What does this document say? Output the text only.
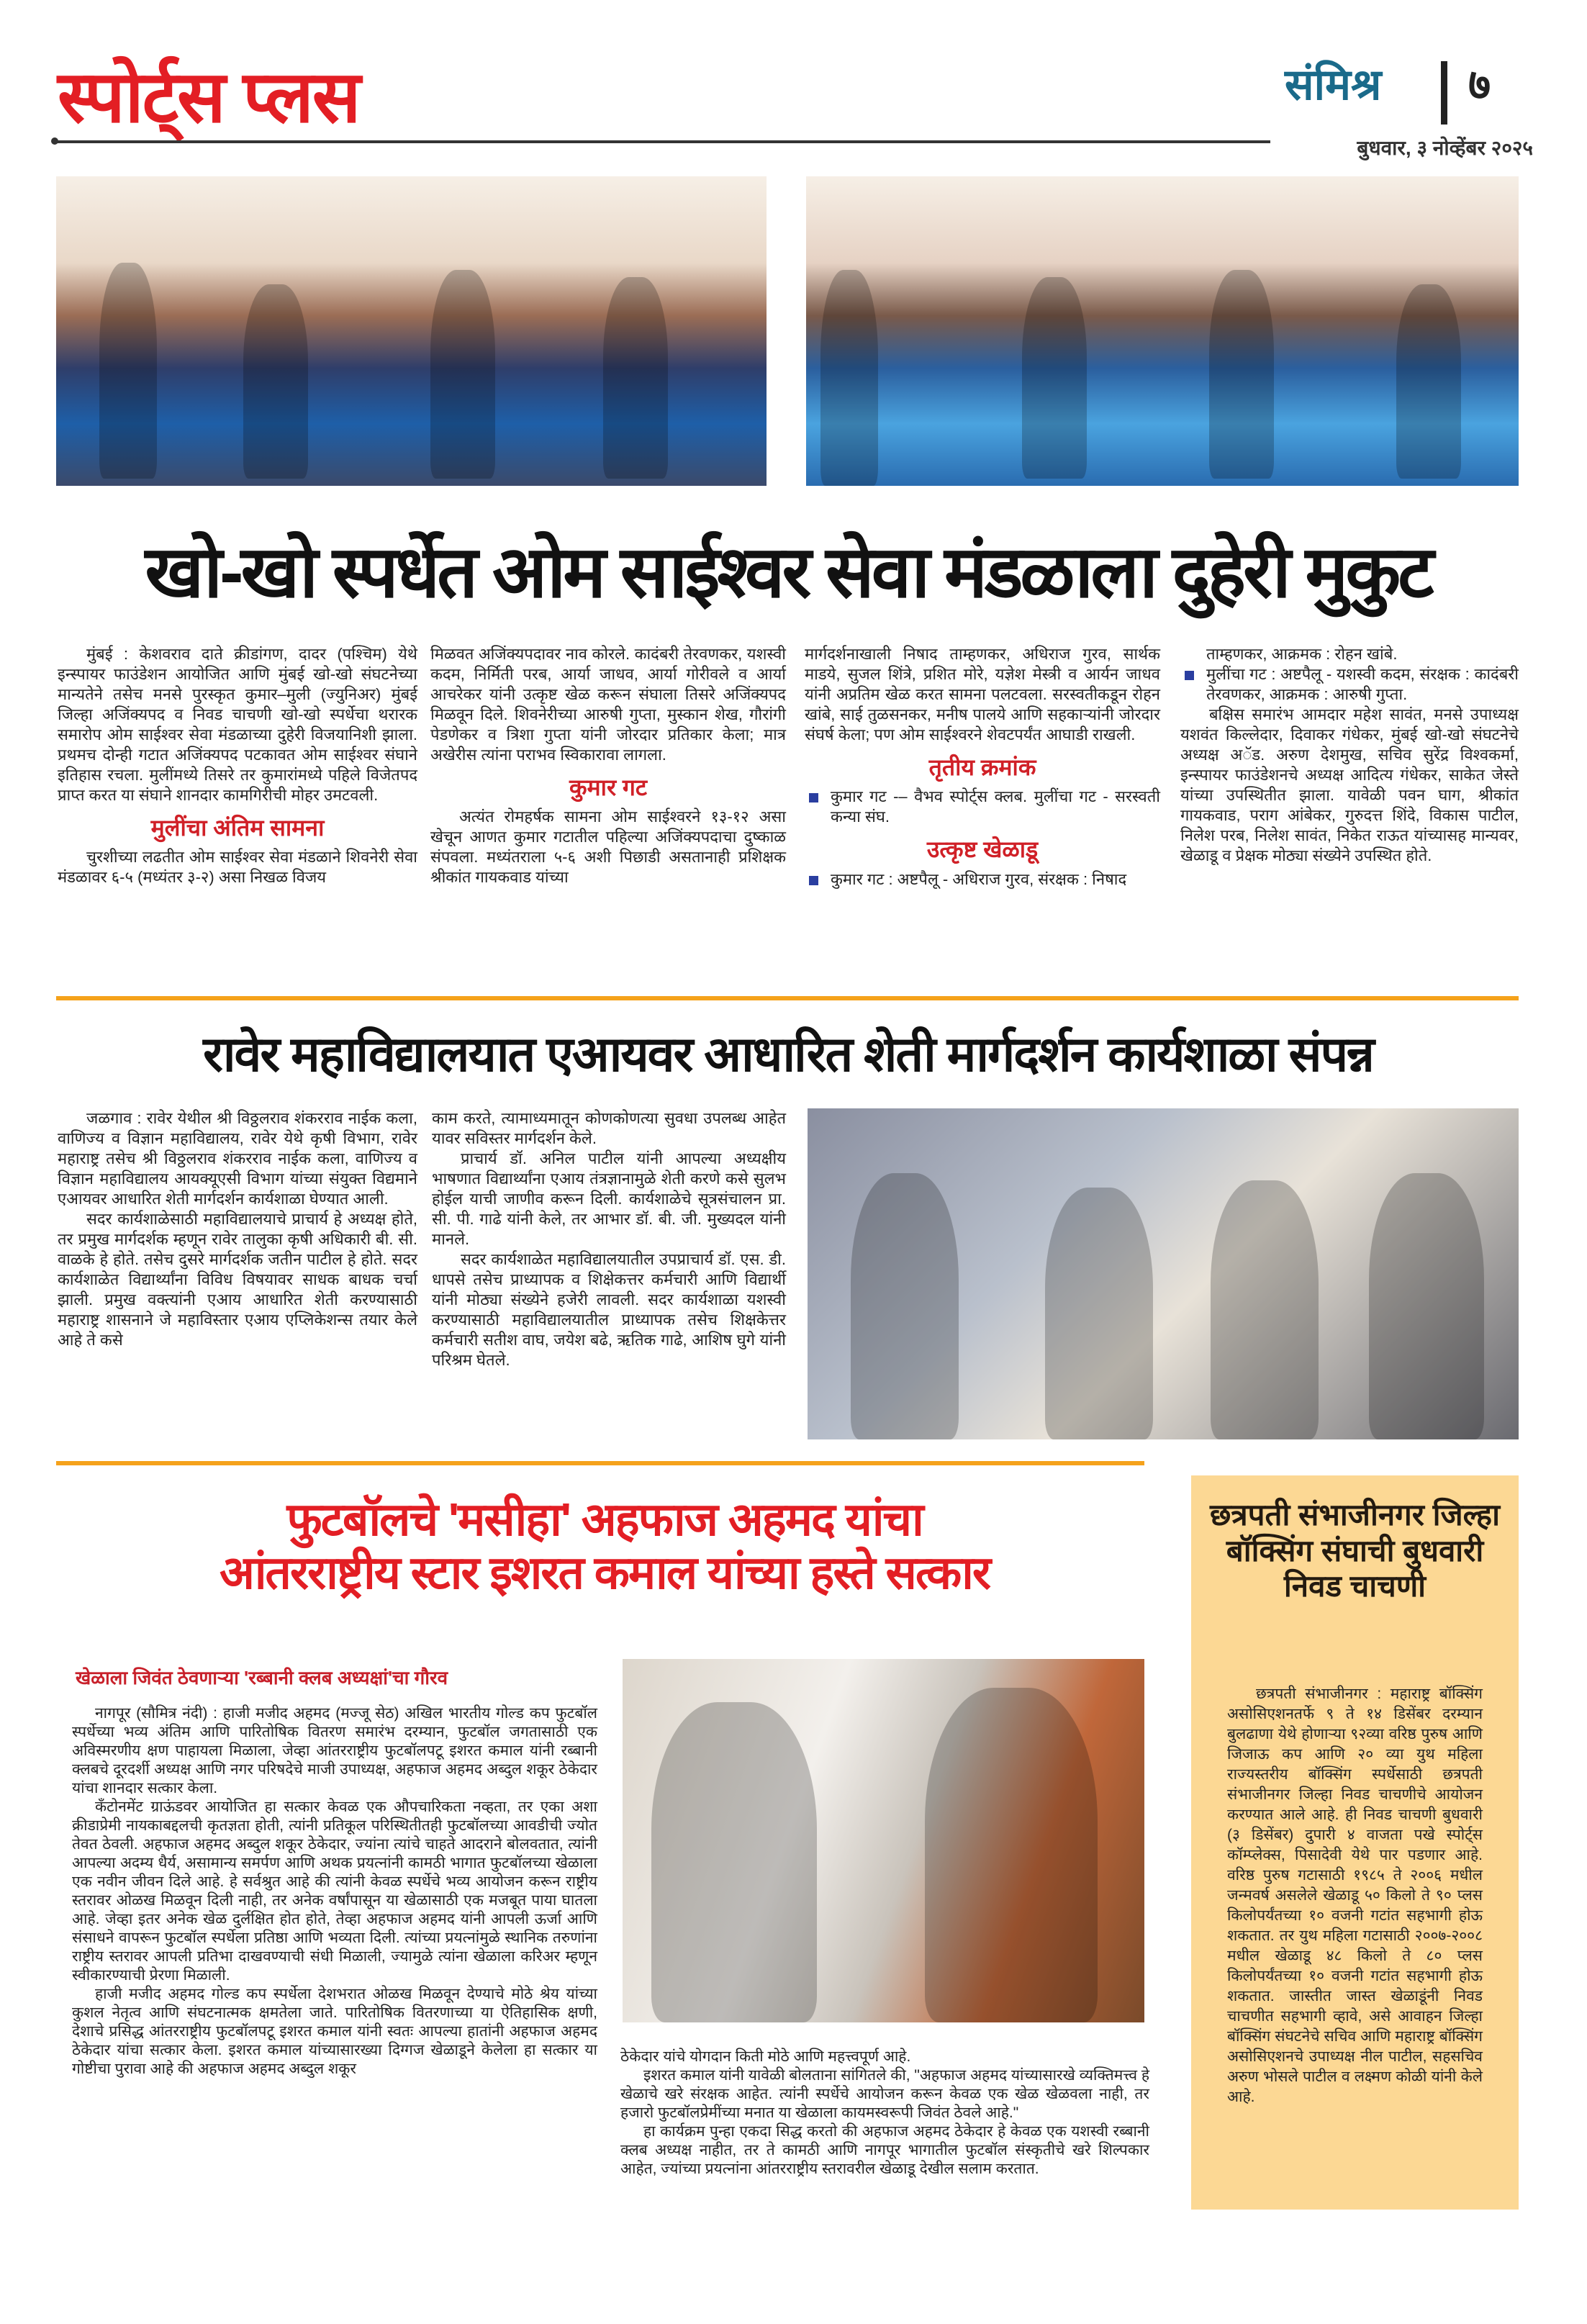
स्पोर्ट्स प्लस	संमिश्र ७
बुधवार, ३ नोव्हेंबर २०२५
खो-खो स्पर्धेत ओम साईश्वर सेवा मंडळाला दुहेरी मुकुट

मुंबई : केशवराव दाते क्रीडांगण, दादर (पश्चिम) येथे इन्स्पायर फाउंडेशन आयोजित आणि मुंबई खो-खो संघटनेच्या मान्यतेने तसेच मनसे पुरस्कृत कुमार–मुली (ज्युनिअर) मुंबई जिल्हा अजिंक्यपद व निवड चाचणी खो-खो स्पर्धेचा थरारक समारोप ओम साईश्वर सेवा मंडळाच्या दुहेरी विजयानिशी झाला. प्रथमच दोन्ही गटात अजिंक्यपद पटकावत ओम साईश्वर संघाने इतिहास रचला. मुलींमध्ये तिसरे तर कुमारांमध्ये पहिले विजेतपद प्राप्त करत या संघाने शानदार कामगिरीची मोहर उमटवली.

मुलींचा अंतिम सामना

चुरशीच्या लढतीत ओम साईश्वर सेवा मंडळाने शिवनेरी सेवा मंडळावर ६-५ (मध्यंतर ३-२) असा निखळ विजय

मिळवत अजिंक्यपदावर नाव कोरले. कादंबरी तेरवणकर, यशस्वी कदम, निर्मिती परब, आर्या जाधव, आर्या गोरीवले व आर्या आचरेकर यांनी उत्कृष्ट खेळ करून संघाला तिसरे अजिंक्यपद मिळवून दिले. शिवनेरीच्या आरुषी गुप्ता, मुस्कान शेख, गौरांगी पेडणेकर व त्रिशा गुप्ता यांनी जोरदार प्रतिकार केला; मात्र अखेरीस त्यांना पराभव स्विकारावा लागला.

कुमार गट

अत्यंत रोमहर्षक सामना ओम साईश्वरने १३-१२ असा खेचून आणत कुमार गटातील पहिल्या अजिंक्यपदाचा दुष्काळ संपवला. मध्यंतराला ५-६ अशी पिछाडी असतानाही प्रशिक्षक श्रीकांत गायकवाड यांच्या

मार्गदर्शनाखाली निषाद ताम्हणकर, अधिराज गुरव, सार्थक माडये, सुजल शिंत्रे, प्रशित मोरे, यज्ञेश मेस्त्री व आर्यन जाधव यांनी अप्रतिम खेळ करत सामना पलटवला. सरस्वतीकडून रोहन खांबे, साई तुळसनकर, मनीष पालये आणि सहकाऱ्यांनी जोरदार संघर्ष केला; पण ओम साईश्वरने शेवटपर्यंत आघाडी राखली.

तृतीय क्रमांक

कुमार गट -– वैभव स्पोर्ट्स क्लब. मुलींचा गट - सरस्वती कन्या संघ.

उत्कृष्ट खेळाडू

कुमार गट : अष्टपैलू - अधिराज गुरव, संरक्षक : निषाद

ताम्हणकर, आक्रमक : रोहन खांबे.

मुलींचा गट : अष्टपैलू - यशस्वी कदम, संरक्षक : कादंबरी तेरवणकर, आक्रमक : आरुषी गुप्ता.

बक्षिस समारंभ आमदार महेश सावंत, मनसे उपाध्यक्ष यशवंत किल्लेदार, दिवाकर गंधेकर, मुंबई खो-खो संघटनेचे अध्यक्ष अॅड. अरुण देशमुख, सचिव सुरेंद्र विश्वकर्मा, इन्स्पायर फाउंडेशनचे अध्यक्ष आदित्य गंधेकर, साकेत जेस्ते यांच्या उपस्थितीत झाला. यावेळी पवन घाग, श्रीकांत गायकवाड, पराग आंबेकर, गुरुदत्त शिंदे, विकास पाटील, निलेश परब, निलेश सावंत, निकेत राऊत यांच्यासह मान्यवर, खेळाडू व प्रेक्षक मोठ्या संख्येने उपस्थित होते.

रावेर महाविद्यालयात एआयवर आधारित शेती मार्गदर्शन कार्यशाळा संपन्न

जळगाव : रावेर येथील श्री विठ्ठलराव शंकरराव नाईक कला, वाणिज्य व विज्ञान महाविद्यालय, रावेर येथे कृषी विभाग, रावेर महाराष्ट्र तसेच श्री विठ्ठलराव शंकरराव नाईक कला, वाणिज्य व विज्ञान महाविद्यालय आयक्यूएसी विभाग यांच्या संयुक्त विद्यमाने एआयवर आधारित शेती मार्गदर्शन कार्यशाळा घेण्यात आली.

सदर कार्यशाळेसाठी महाविद्यालयाचे प्राचार्य हे अध्यक्ष होते, तर प्रमुख मार्गदर्शक म्हणून रावेर तालुका कृषी अधिकारी बी. सी. वाळके हे होते. तसेच दुसरे मार्गदर्शक जतीन पाटील हे होते. सदर कार्यशाळेत विद्यार्थ्यांना विविध विषयावर साधक बाधक चर्चा झाली. प्रमुख वक्त्यांनी एआय आधारित शेती करण्यासाठी महाराष्ट्र शासनाने जे महाविस्तार एआय एप्लिकेशन्स तयार केले आहे ते कसे

काम करते, त्यामाध्यमातून कोणकोणत्या सुवधा उपलब्ध आहेत यावर सविस्तर मार्गदर्शन केले.

प्राचार्य डॉ. अनिल पाटील यांनी आपल्या अध्यक्षीय भाषणात विद्यार्थ्यांना एआय तंत्रज्ञानामुळे शेती करणे कसे सुलभ होईल याची जाणीव करून दिली. कार्यशाळेचे सूत्रसंचालन प्रा. सी. पी. गाढे यांनी केले, तर आभार डॉ. बी. जी. मुख्यदल यांनी मानले.

सदर कार्यशाळेत महाविद्यालयातील उपप्राचार्य डॉ. एस. डी. धापसे तसेच प्राध्यापक व शिक्षेकत्तर कर्मचारी आणि विद्यार्थी यांनी मोठ्या संख्येने हजेरी लावली. सदर कार्यशाळा यशस्वी करण्यासाठी महाविद्यालयातील प्राध्यापक तसेच शिक्षकेत्तर कर्मचारी सतीश वाघ, जयेश बढे, ऋतिक गाढे, आशिष घुगे यांनी परिश्रम घेतले.

फुटबॉलचे 'मसीहा' अहफाज अहमद यांचा
आंतरराष्ट्रीय स्टार इशरत कमाल यांच्या हस्ते सत्कार
खेळाला जिवंत ठेवणाऱ्या 'रब्बानी क्लब अध्यक्षां'चा गौरव

नागपूर (सौमित्र नंदी) : हाजी मजीद अहमद (मज्जू सेठ) अखिल भारतीय गोल्ड कप फुटबॉल स्पर्धेच्या भव्य अंतिम आणि पारितोषिक वितरण समारंभ दरम्यान, फुटबॉल जगतासाठी एक अविस्मरणीय क्षण पाहायला मिळाला, जेव्हा आंतरराष्ट्रीय फुटबॉलपटू इशरत कमाल यांनी रब्बानी क्लबचे दूरदर्शी अध्यक्ष आणि नगर परिषदेचे माजी उपाध्यक्ष, अहफाज अहमद अब्दुल शकूर ठेकेदार यांचा शानदार सत्कार केला.

कॅंटोनमेंट ग्राऊंडवर आयोजित हा सत्कार केवळ एक औपचारिकता नव्हता, तर एका अशा क्रीडाप्रेमी नायकाबद्दलची कृतज्ञता होती, त्यांनी प्रतिकूल परिस्थितीतही फुटबॉलच्या आवडीची ज्योत तेवत ठेवली. अहफाज अहमद अब्दुल शकूर ठेकेदार, ज्यांना त्यांचे चाहते आदराने बोलवतात, त्यांनी आपल्या अदम्य धैर्य, असामान्य समर्पण आणि अथक प्रयत्नांनी कामठी भागात फुटबॉलच्या खेळाला एक नवीन जीवन दिले आहे. हे सर्वश्रुत आहे की त्यांनी केवळ स्पर्धेचे भव्य आयोजन करून राष्ट्रीय स्तरावर ओळख मिळवून दिली नाही, तर अनेक वर्षांपासून या खेळासाठी एक मजबूत पाया घातला आहे. जेव्हा इतर अनेक खेळ दुर्लक्षित होत होते, तेव्हा अहफाज अहमद यांनी आपली ऊर्जा आणि संसाधने वापरून फुटबॉल स्पर्धेला प्रतिष्ठा आणि भव्यता दिली. त्यांच्या प्रयत्नांमुळे स्थानिक तरुणांना राष्ट्रीय स्तरावर आपली प्रतिभा दाखवण्याची संधी मिळाली, ज्यामुळे त्यांना खेळाला करिअर म्हणून स्वीकारण्याची प्रेरणा मिळाली.

हाजी मजीद अहमद गोल्ड कप स्पर्धेला देशभरात ओळख मिळवून देण्याचे मोठे श्रेय यांच्या कुशल नेतृत्व आणि संघटनात्मक क्षमतेला जाते. पारितोषिक वितरणाच्या या ऐतिहासिक क्षणी, देशाचे प्रसिद्ध आंतरराष्ट्रीय फुटबॉलपटू इशरत कमाल यांनी स्वतः आपल्या हातांनी अहफाज अहमद ठेकेदार यांचा सत्कार केला. इशरत कमाल यांच्यासारख्या दिग्गज खेळाडूने केलेला हा सत्कार या गोष्टीचा पुरावा आहे की अहफाज अहमद अब्दुल शकूर

ठेकेदार यांचे योगदान किती मोठे आणि महत्त्वपूर्ण आहे.

इशरत कमाल यांनी यावेळी बोलताना सांगितले की, "अहफाज अहमद यांच्यासारखे व्यक्तिमत्त्व हे खेळाचे खरे संरक्षक आहेत. त्यांनी स्पर्धेचे आयोजन करून केवळ एक खेळ खेळवला नाही, तर हजारो फुटबॉलप्रेमींच्या मनात या खेळाला कायमस्वरूपी जिवंत ठेवले आहे."

हा कार्यक्रम पुन्हा एकदा सिद्ध करतो की अहफाज अहमद ठेकेदार हे केवळ एक यशस्वी रब्बानी क्लब अध्यक्ष नाहीत, तर ते कामठी आणि नागपूर भागातील फुटबॉल संस्कृतीचे खरे शिल्पकार आहेत, ज्यांच्या प्रयत्नांना आंतरराष्ट्रीय स्तरावरील खेळाडू देखील सलाम करतात.

छत्रपती संभाजीनगर जिल्हा बॉक्सिंग संघाची बुधवारी निवड चाचणी

छत्रपती संभाजीनगर : महाराष्ट्र बॉक्सिंग असोसिएशनतर्फे ९ ते १४ डिसेंबर दरम्यान बुलढाणा येथे होणाऱ्या ९२व्या वरिष्ठ पुरुष आणि जिजाऊ कप आणि २० व्या युथ महिला राज्यस्तरीय बॉक्सिंग स्पर्धेसाठी छत्रपती संभाजीनगर जिल्हा निवड चाचणीचे आयोजन करण्यात आले आहे. ही निवड चाचणी बुधवारी (३ डिसेंबर) दुपारी ४ वाजता पखे स्पोर्ट्स कॉम्प्लेक्स, पिसादेवी येथे पार पडणार आहे. वरिष्ठ पुरुष गटासाठी १९८५ ते २००६ मधील जन्मवर्ष असलेले खेळाडू ५० किलो ते ९० प्लस किलोपर्यंतच्या १० वजनी गटांत सहभागी होऊ शकतात. तर युथ महिला गटासाठी २००७-२००८ मधील खेळाडू ४८ किलो ते ८० प्लस किलोपर्यंतच्या १० वजनी गटांत सहभागी होऊ शकतात. जास्तीत जास्त खेळाडूंनी निवड चाचणीत सहभागी व्हावे, असे आवाहन जिल्हा बॉक्सिंग संघटनेचे सचिव आणि महाराष्ट्र बॉक्सिंग असोसिएशनचे उपाध्यक्ष नील पाटील, सहसचिव अरुण भोसले पाटील व लक्ष्मण कोळी यांनी केले आहे.
